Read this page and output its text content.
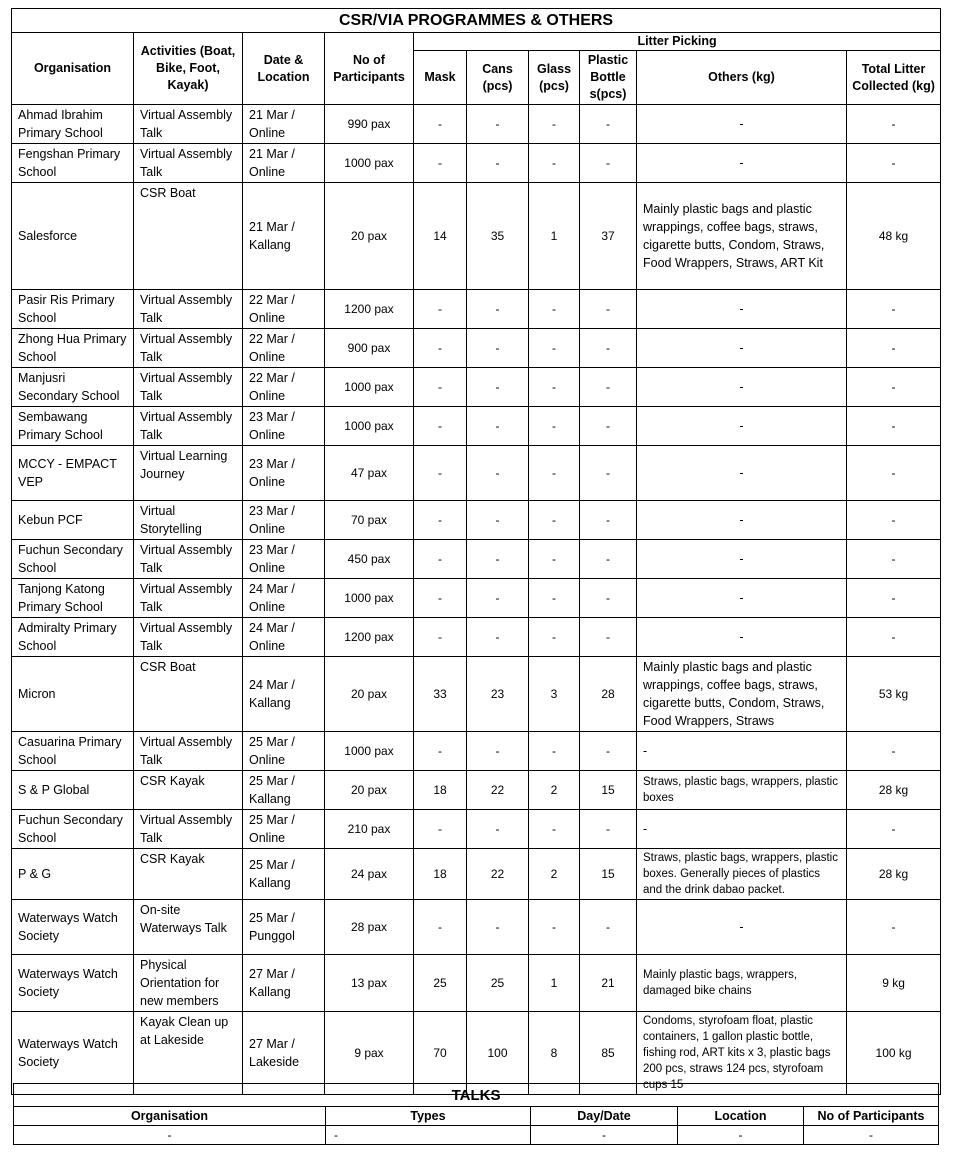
CSR/VIA PROGRAMMES & OTHERS									
Organisation	Activities (Boat, Bike, Foot, Kayak)	Date & Location	No of Participants	Litter Picking					
				Mask	Cans (pcs)	Glass (pcs)	Plastic Bottle s(pcs)	Others (kg)	Total Litter Collected (kg)
Ahmad Ibrahim Primary School	Virtual Assembly Talk	21 Mar / Online	990 pax	-	-	-	-	-	-
Fengshan Primary School	Virtual Assembly Talk	21 Mar / Online	1000 pax	-	-	-	-	-	-
Salesforce	CSR Boat	21 Mar / Kallang	20 pax	14	35	1	37	Mainly plastic bags and plastic wrappings, coffee bags, straws, cigarette butts, Condom, Straws, Food Wrappers, Straws, ART Kit	48 kg
Pasir Ris Primary School	Virtual Assembly Talk	22 Mar / Online	1200 pax	-	-	-	-	-	-
Zhong Hua Primary School	Virtual Assembly Talk	22 Mar / Online	900 pax	-	-	-	-	-	-
Manjusri Secondary School	Virtual Assembly Talk	22 Mar / Online	1000 pax	-	-	-	-	-	-
Sembawang Primary School	Virtual Assembly Talk	23 Mar / Online	1000 pax	-	-	-	-	-	-
MCCY - EMPACT VEP	Virtual Learning Journey	23 Mar / Online	47 pax	-	-	-	-	-	-
Kebun PCF	Virtual Storytelling	23 Mar / Online	70 pax	-	-	-	-	-	-
Fuchun Secondary School	Virtual Assembly Talk	23 Mar / Online	450 pax	-	-	-	-	-	-
Tanjong Katong Primary School	Virtual Assembly Talk	24 Mar / Online	1000 pax	-	-	-	-	-	-
Admiralty Primary School	Virtual Assembly Talk	24 Mar / Online	1200 pax	-	-	-	-	-	-
Micron	CSR Boat	24 Mar / Kallang	20 pax	33	23	3	28	Mainly plastic bags and plastic wrappings, coffee bags, straws, cigarette butts, Condom, Straws, Food Wrappers, Straws	53 kg
Casuarina Primary School	Virtual Assembly Talk	25 Mar / Online	1000 pax	-	-	-	-	-	-
S & P Global	CSR Kayak	25 Mar / Kallang	20 pax	18	22	2	15	Straws, plastic bags, wrappers, plastic boxes	28 kg
Fuchun Secondary School	Virtual Assembly Talk	25 Mar / Online	210 pax	-	-	-	-	-	-
P & G	CSR Kayak	25 Mar / Kallang	24 pax	18	22	2	15	Straws, plastic bags, wrappers, plastic boxes. Generally pieces of plastics and the drink dabao packet.	28 kg
Waterways Watch Society	On-site Waterways Talk	25 Mar / Punggol	28 pax	-	-	-	-	-	-
Waterways Watch Society	Physical Orientation for new members	27 Mar / Kallang	13 pax	25	25	1	21	Mainly plastic bags, wrappers, damaged bike chains	9 kg
Waterways Watch Society	Kayak Clean up at Lakeside	27 Mar / Lakeside	9 pax	70	100	8	85	Condoms, styrofoam float, plastic containers, 1 gallon plastic bottle, fishing rod, ART kits x 3, plastic bags 200 pcs, straws 124 pcs, styrofoam cups 15	100 kg
TALKS				
Organisation	Types	Day/Date	Location	No of Participants
-	-	-	-	-
